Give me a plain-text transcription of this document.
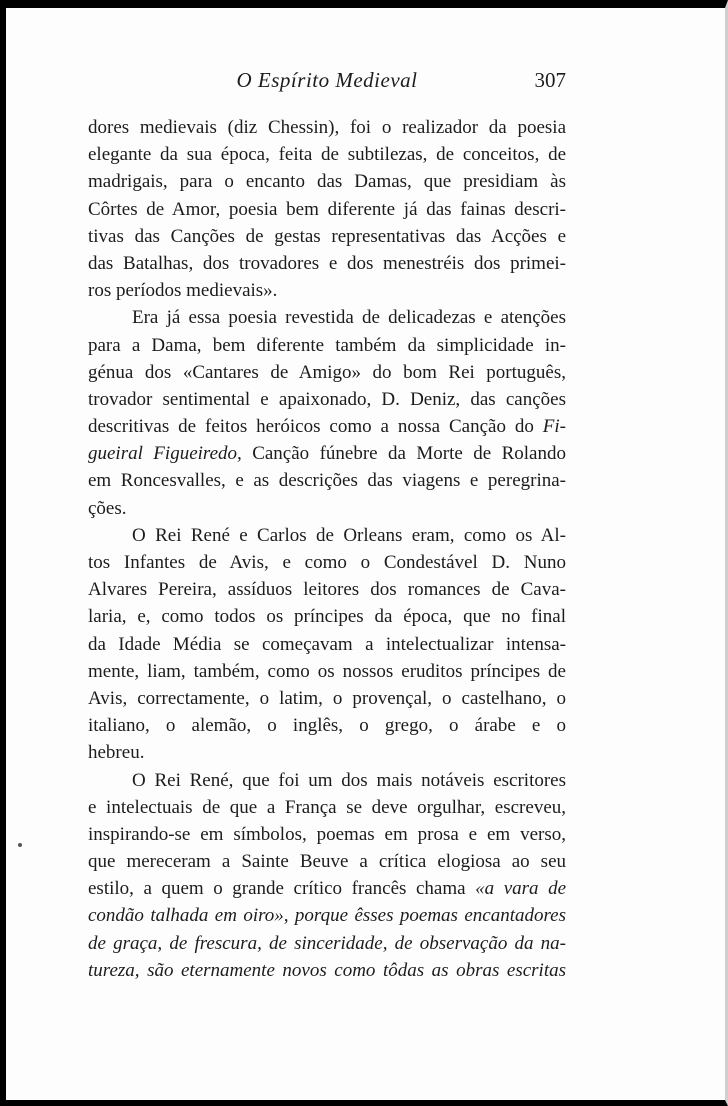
O Espírito Medieval	307
dores medievais (diz Chessin), foi o realizador da poesia
elegante da sua época, feita de subtilezas, de conceitos, de
madrigais, para o encanto das Damas, que presidiam às
Côrtes de Amor, poesia bem diferente já das fainas descri-
tivas das Canções de gestas representativas das Acções e
das Batalhas, dos trovadores e dos menestréis dos primei-
ros períodos medievais».
Era já essa poesia revestida de delicadezas e atenções
para a Dama, bem diferente também da simplicidade in-
génua dos «Cantares de Amigo» do bom Rei português,
trovador sentimental e apaixonado, D. Deniz, das canções
descritivas de feitos heróicos como a nossa Canção do Fi-
gueiral Figueiredo, Canção fúnebre da Morte de Rolando
em Roncesvalles, e as descrições das viagens e peregrina-
ções.
O Rei René e Carlos de Orleans eram, como os Al-
tos Infantes de Avis, e como o Condestável D. Nuno
Alvares Pereira, assíduos leitores dos romances de Cava-
laria, e, como todos os príncipes da época, que no final
da Idade Média se começavam a intelectualizar intensa-
mente, liam, também, como os nossos eruditos príncipes de
Avis, correctamente, o latim, o provençal, o castelhano, o
italiano, o alemão, o inglês, o grego, o árabe e o
hebreu.
O Rei René, que foi um dos mais notáveis escritores
e intelectuais de que a França se deve orgulhar, escreveu,
inspirando-se em símbolos, poemas em prosa e em verso,
que mereceram a Sainte Beuve a crítica elogiosa ao seu
estilo, a quem o grande crítico francês chama «a vara de
condão talhada em oiro», porque êsses poemas encantadores
de graça, de frescura, de sinceridade, de observação da na-
tureza, são eternamente novos como tôdas as obras escritas
